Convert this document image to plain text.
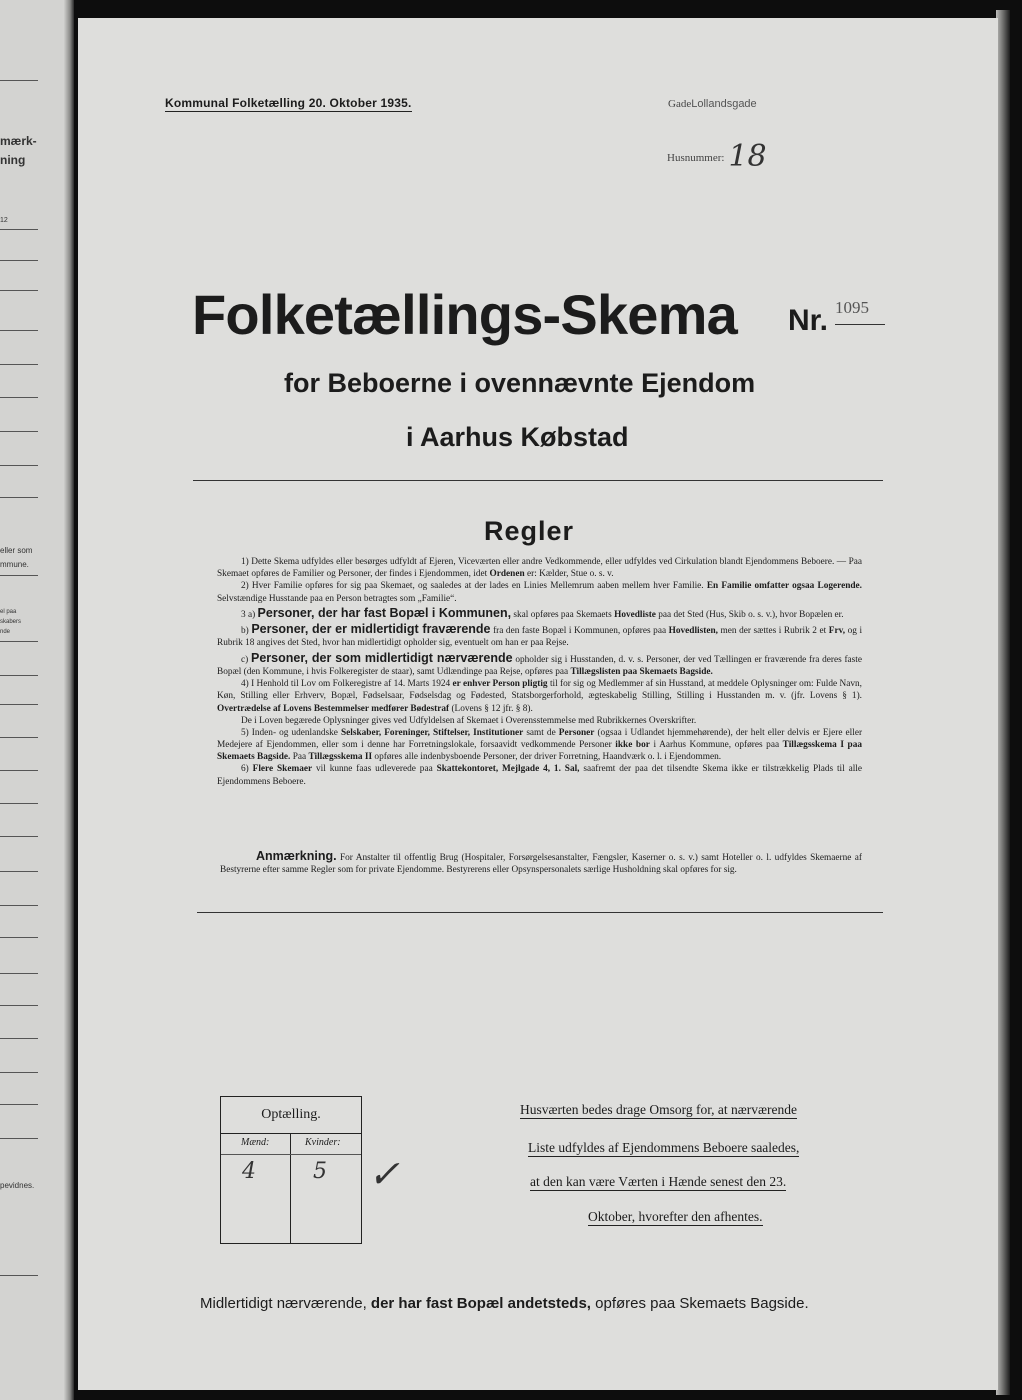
mærk-
ning
12
eller som
mmune.
el paa
skabers
nde
pevidnes.
Kommunal Folketælling 20. Oktober 1935.	GadeLollandsgade
Husnummer: 18
Folketællings-Skema Nr. 1095
for Beboerne i ovennævnte Ejendom
i Aarhus Købstad
Regler

1) Dette Skema udfyldes eller besørges udfyldt af Ejeren, Viceværten eller andre Vedkommende, eller udfyldes ved Cirkulation blandt Ejendommens Beboere. — Paa Skemaet opføres de Familier og Personer, der findes i Ejendommen, idet Ordenen er: Kælder, Stue o. s. v.

2) Hver Familie opføres for sig paa Skemaet, og saaledes at der lades en Linies Mellemrum aaben mellem hver Familie. En Familie omfatter ogsaa Logerende. Selvstændige Husstande paa en Person betragtes som „Familie“.

3 a) Personer, der har fast Bopæl i Kommunen, skal opføres paa Skemaets Hovedliste paa det Sted (Hus, Skib o. s. v.), hvor Bopælen er.

b) Personer, der er midlertidigt fraværende fra den faste Bopæl i Kommunen, opføres paa Hovedlisten, men der sættes i Rubrik 2 et Frv, og i Rubrik 18 angives det Sted, hvor han midlertidigt opholder sig, eventuelt om han er paa Rejse.

c) Personer, der som midlertidigt nærværende opholder sig i Husstanden, d. v. s. Personer, der ved Tællingen er fraværende fra deres faste Bopæl (den Kommune, i hvis Folkeregister de staar), samt Udlændinge paa Rejse, opføres paa Tillægslisten paa Skemaets Bagside.

4) I Henhold til Lov om Folkeregistre af 14. Marts 1924 er enhver Person pligtig til for sig og Medlemmer af sin Husstand, at meddele Oplysninger om: Fulde Navn, Køn, Stilling eller Erhverv, Bopæl, Fødselsaar, Fødselsdag og Fødested, Statsborgerforhold, ægteskabelig Stilling, Stilling i Husstanden m. v. (jfr. Lovens § 1). Overtrædelse af Lovens Bestemmelser medfører Bødestraf (Lovens § 12 jfr. § 8).

De i Loven begærede Oplysninger gives ved Udfyldelsen af Skemaet i Overensstemmelse med Rubrikkernes Overskrifter.

5) Inden- og udenlandske Selskaber, Foreninger, Stiftelser, Institutioner samt de Personer (ogsaa i Udlandet hjemmehørende), der helt eller delvis er Ejere eller Medejere af Ejendommen, eller som i denne har Forretningslokale, forsaavidt vedkommende Personer ikke bor i Aarhus Kommune, opføres paa Tillægsskema I paa Skemaets Bagside. Paa Tillægsskema II opføres alle indenbysboende Personer, der driver Forretning, Haandværk o. l. i Ejendommen.

6) Flere Skemaer vil kunne faas udleverede paa Skattekontoret, Mejlgade 4, 1. Sal, saafremt der paa det tilsendte Skema ikke er tilstrækkelig Plads til alle Ejendommens Beboere.

Anmærkning. For Anstalter til offentlig Brug (Hospitaler, Forsørgelsesanstalter, Fængsler, Kaserner o. s. v.) samt Hoteller o. l. udfyldes Skemaerne af Bestyrerne efter samme Regler som for private Ejendomme. Bestyrerens eller Opsynspersonalets særlige Husholdning skal opføres for sig.
Optælling.
Mænd:	Kvinder:
4	5 ✓
Husværten bedes drage Omsorg for, at nærværende
Liste udfyldes af Ejendommens Beboere saaledes,
at den kan være Værten i Hænde senest den 23.
Oktober, hvorefter den afhentes.
Midlertidigt nærværende, der har fast Bopæl andetsteds, opføres paa Skemaets Bagside.
